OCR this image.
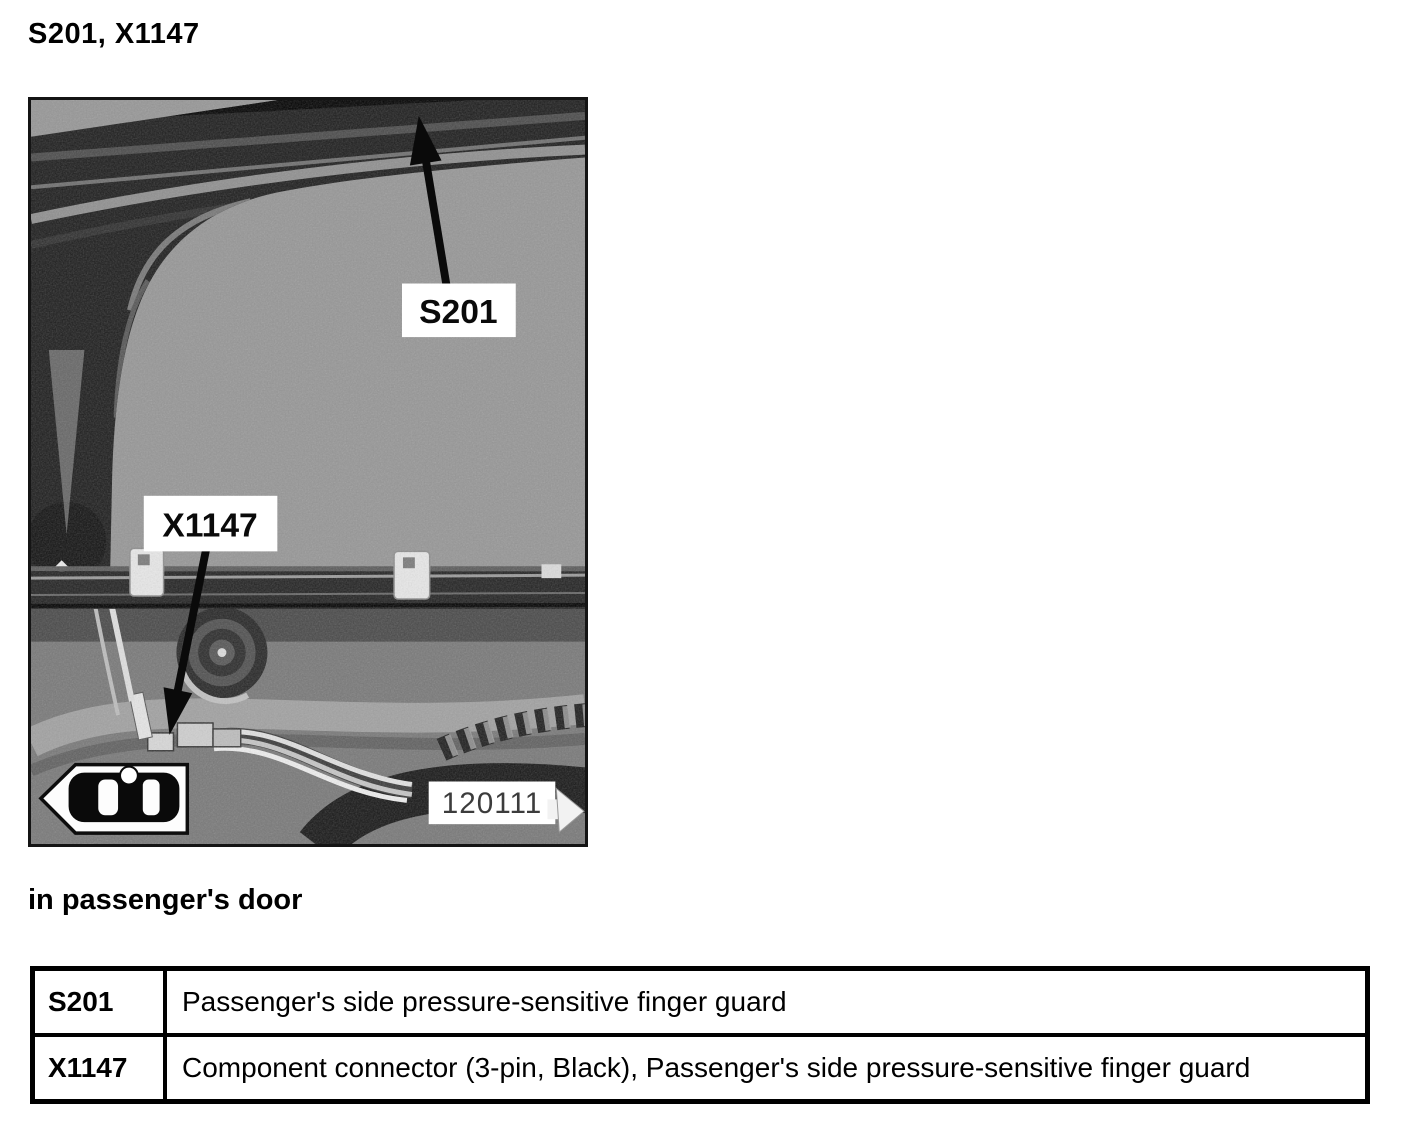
S201, X1147
S201
X1147
120111

in passenger's door

S201	Passenger's side pressure-sensitive finger guard
X1147	Component connector (3-pin, Black), Passenger's side pressure-sensitive finger guard
